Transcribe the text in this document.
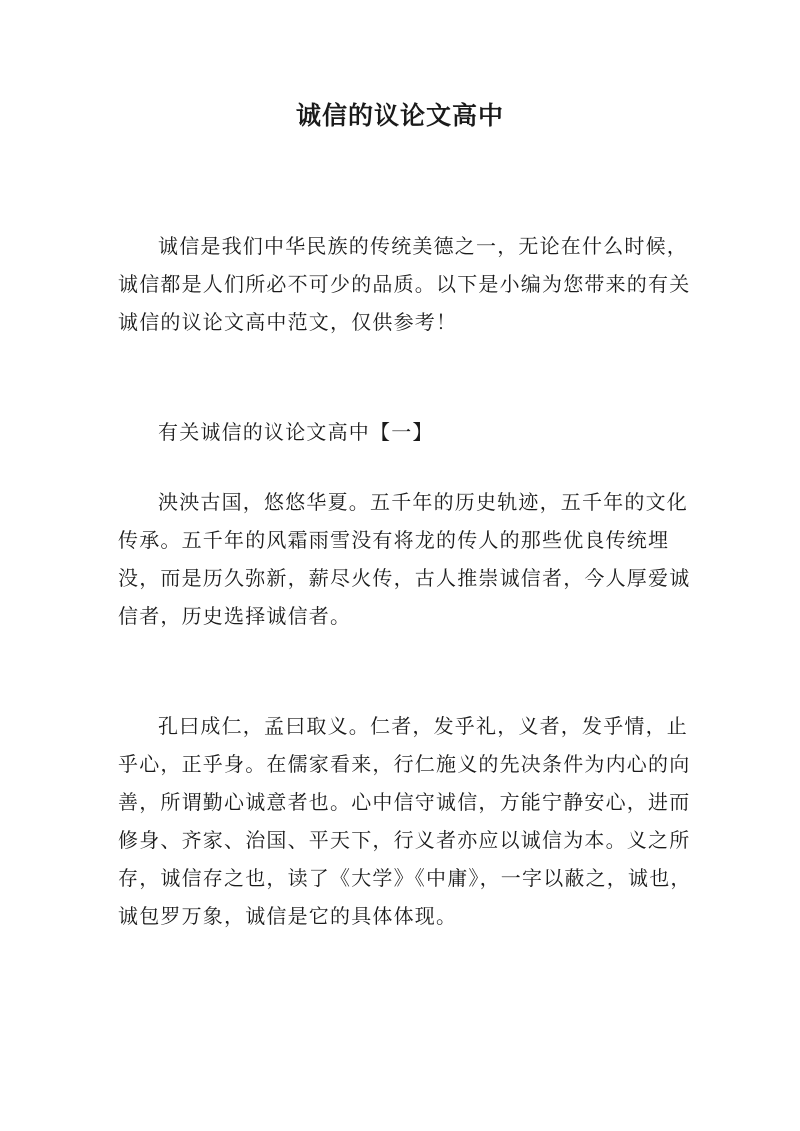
诚信的议论文高中

诚信是我们中华民族的传统美德之一，无论在什么时候，诚信都是人们所必不可少的品质。以下是小编为您带来的有关诚信的议论文高中范文，仅供参考！

有关诚信的议论文高中【一】

泱泱古国，悠悠华夏。五千年的历史轨迹，五千年的文化传承。五千年的风霜雨雪没有将龙的传人的那些优良传统埋没，而是历久弥新，薪尽火传，古人推崇诚信者，今人厚爱诚信者，历史选择诚信者。

孔曰成仁，孟曰取义。仁者，发乎礼，义者，发乎情，止乎心，正乎身。在儒家看来，行仁施义的先决条件为内心的向善，所谓勤心诚意者也。心中信守诚信，方能宁静安心，进而修身、齐家、治国、平天下，行义者亦应以诚信为本。义之所存，诚信存之也，读了《大学》《中庸》，一字以蔽之，诚也，诚包罗万象，诚信是它的具体体现。
